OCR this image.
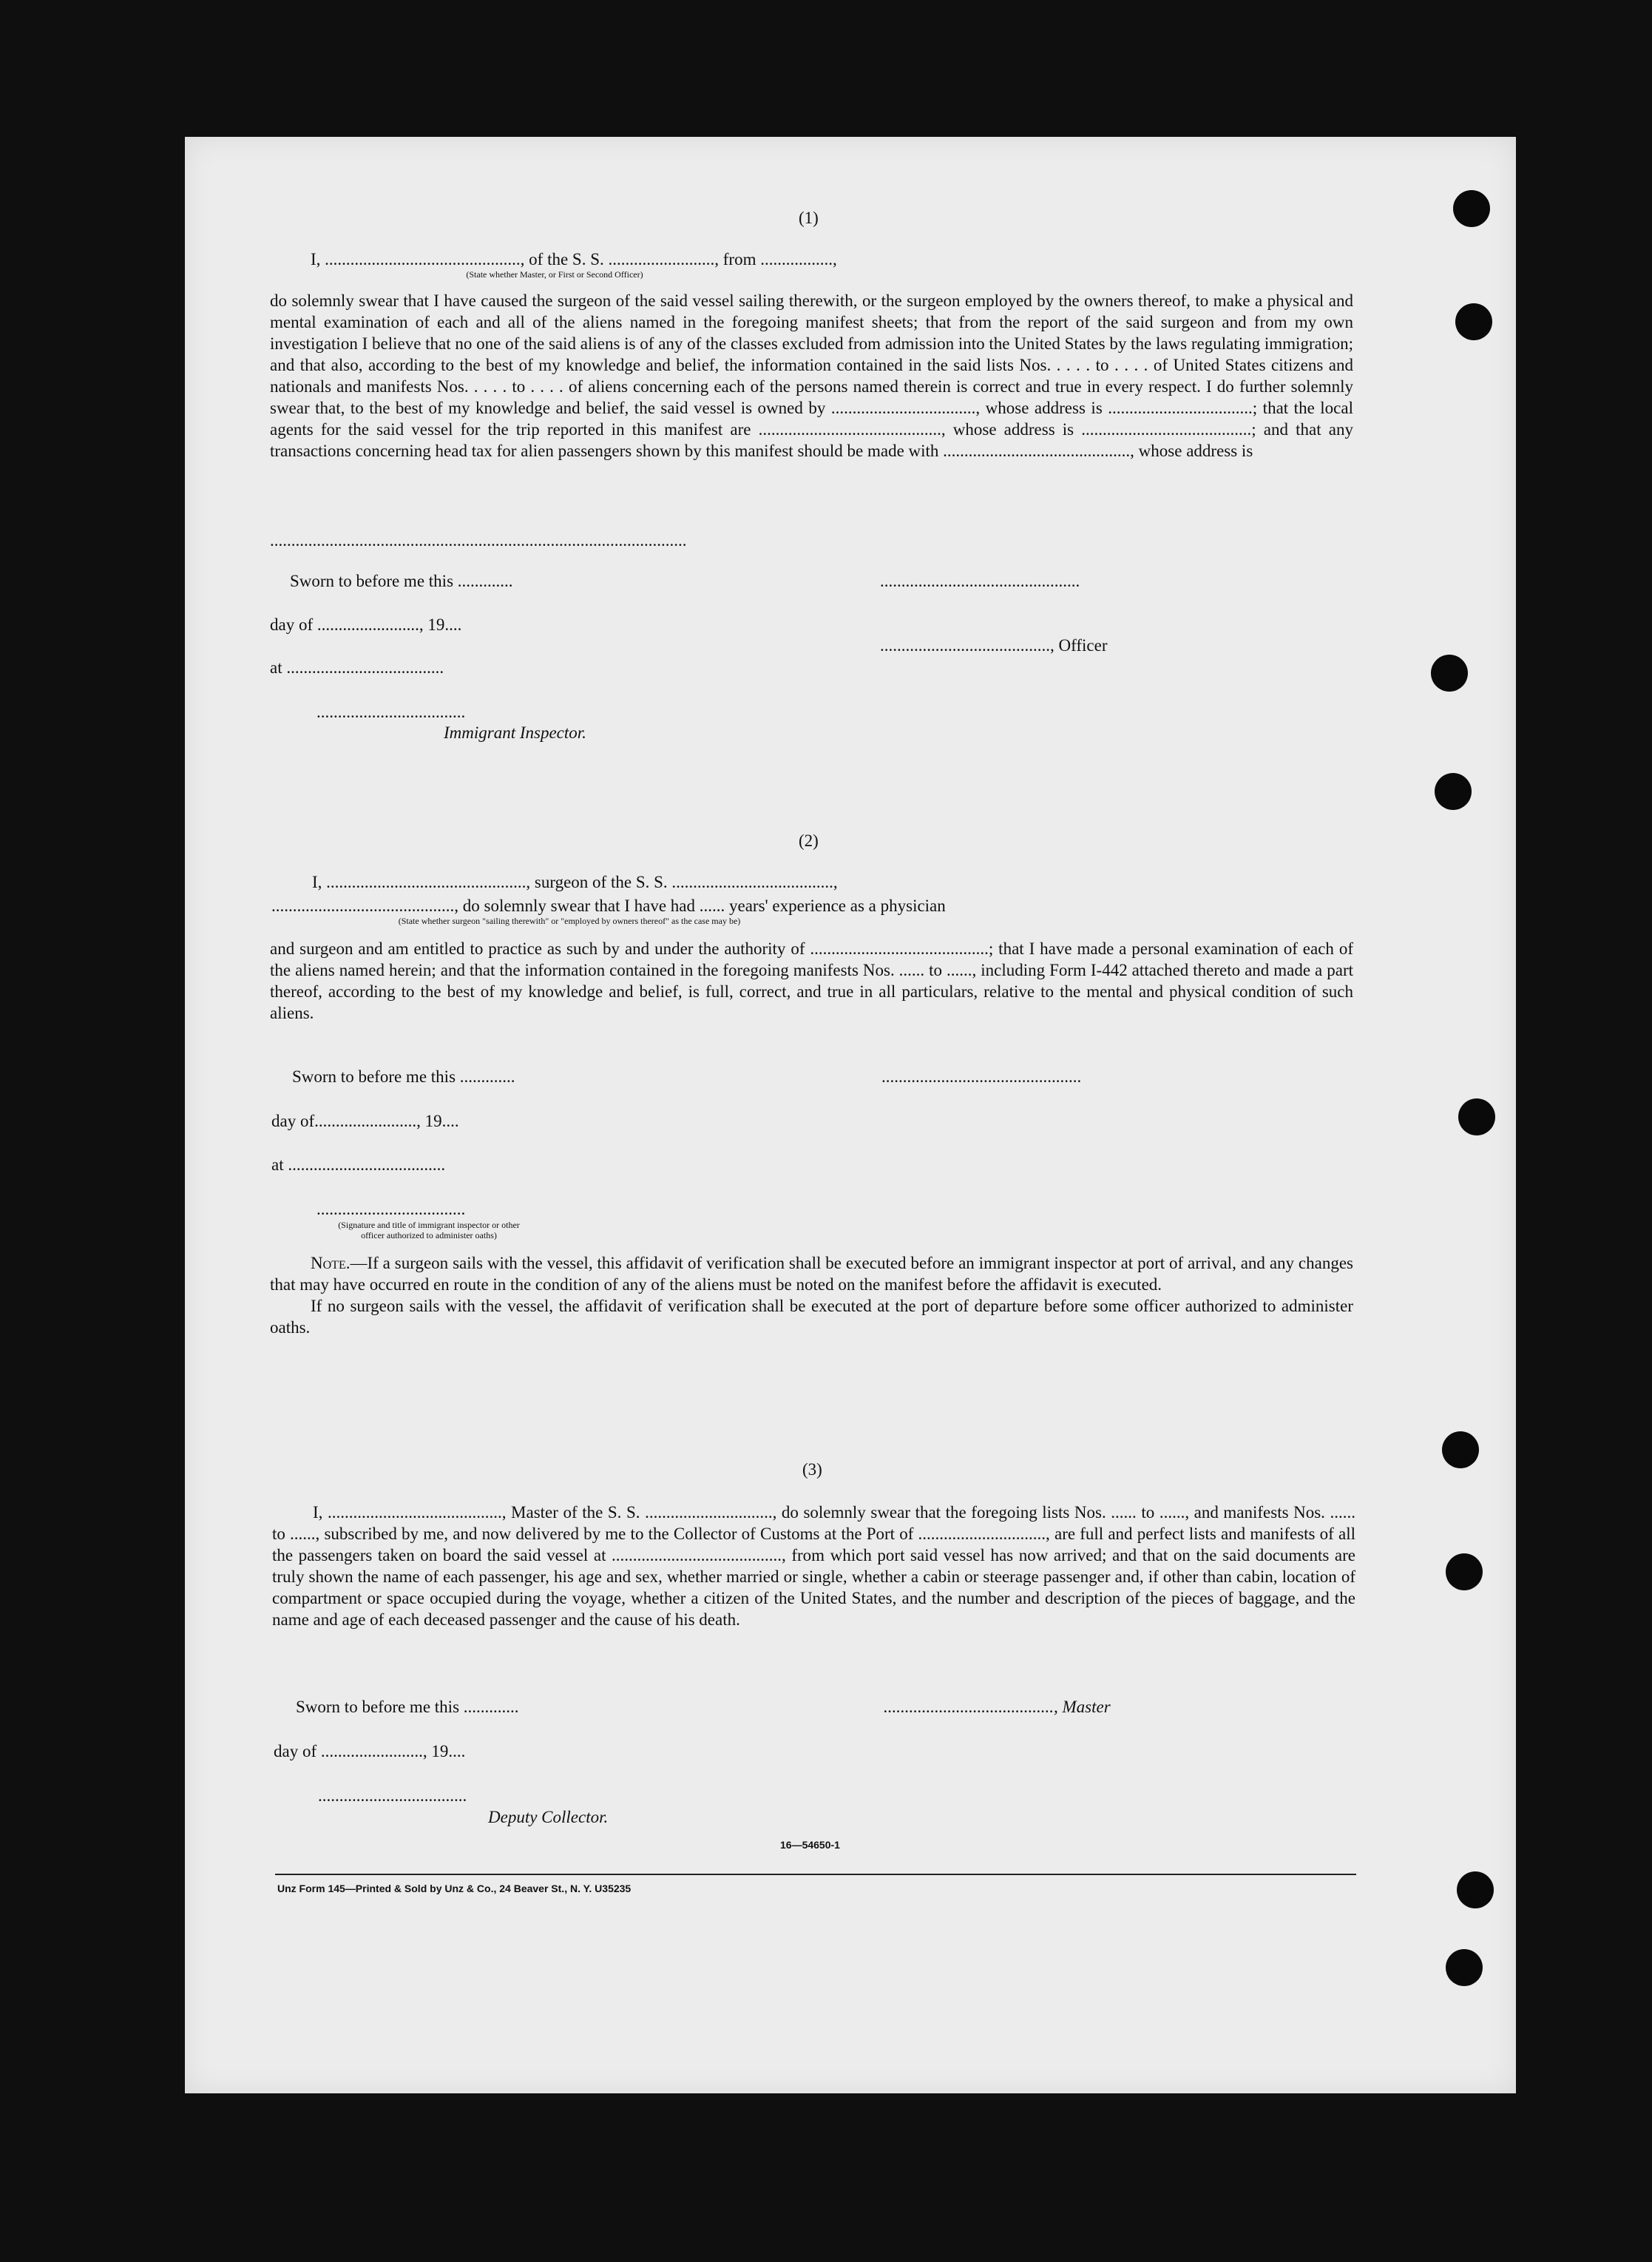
(1)
I, .............................................., of the S. S. ........................., from .................,
(State whether Master, or First or Second Officer)
do solemnly swear that I have caused the surgeon of the said vessel sailing therewith, or the surgeon employed by the owners thereof, to make a physical and mental examination of each and all of the aliens named in the foregoing manifest sheets; that from the report of the said surgeon and from my own investigation I believe that no one of the said aliens is of any of the classes excluded from admission into the United States by the laws regulating immigration; and that also, according to the best of my knowledge and belief, the information contained in the said lists Nos. . . . . to . . . . of United States citizens and nationals and manifests Nos. . . . . to . . . . of aliens concerning each of the persons named therein is correct and true in every respect. I do further solemnly swear that, to the best of my knowledge and belief, the said vessel is owned by .................................., whose address is ..................................; that the local agents for the said vessel for the trip reported in this manifest are ..........................................., whose address is ........................................; and that any transactions concerning head tax for alien passengers shown by this manifest should be made with ............................................, whose address is
..................................................................................................
Sworn to before me this .............	...............................................
day of ........................, 19....
........................................, Officer
at .....................................
...................................
Immigrant Inspector.
(2)
I, ..............................................., surgeon of the S. S. ......................................,
..........................................., do solemnly swear that I have had ...... years' experience as a physician
(State whether surgeon "sailing therewith" or "employed by owners thereof" as the case may be)
and surgeon and am entitled to practice as such by and under the authority of ..........................................; that I have made a personal examination of each of the aliens named herein; and that the information contained in the foregoing manifests Nos. ...... to ......, including Form I-442 attached thereto and made a part thereof, according to the best of my knowledge and belief, is full, correct, and true in all particulars, relative to the mental and physical condition of such aliens.
Sworn to before me this .............	...............................................
day of........................, 19....
at .....................................
...................................
(Signature and title of immigrant inspector or other officer authorized to administer oaths)

Note.—If a surgeon sails with the vessel, this affidavit of verification shall be executed before an immigrant inspector at port of arrival, and any changes that may have occurred en route in the condition of any of the aliens must be noted on the manifest before the affidavit is executed.

If no surgeon sails with the vessel, the affidavit of verification shall be executed at the port of departure before some officer authorized to administer oaths.

(3)
I, ........................................., Master of the S. S. .............................., do solemnly swear that the foregoing lists Nos. ...... to ......, and manifests Nos. ...... to ......, subscribed by me, and now delivered by me to the Collector of Customs at the Port of .............................., are full and perfect lists and manifests of all the passengers taken on board the said vessel at ........................................, from which port said vessel has now arrived; and that on the said documents are truly shown the name of each passenger, his age and sex, whether married or single, whether a cabin or steerage passenger and, if other than cabin, location of compartment or space occupied during the voyage, whether a citizen of the United States, and the number and description of the pieces of baggage, and the name and age of each deceased passenger and the cause of his death.
Sworn to before me this .............	........................................, Master
day of ........................, 19....
...................................
Deputy Collector.
16—54650-1
Unz Form 145—Printed & Sold by Unz & Co., 24 Beaver St., N. Y. U35235
